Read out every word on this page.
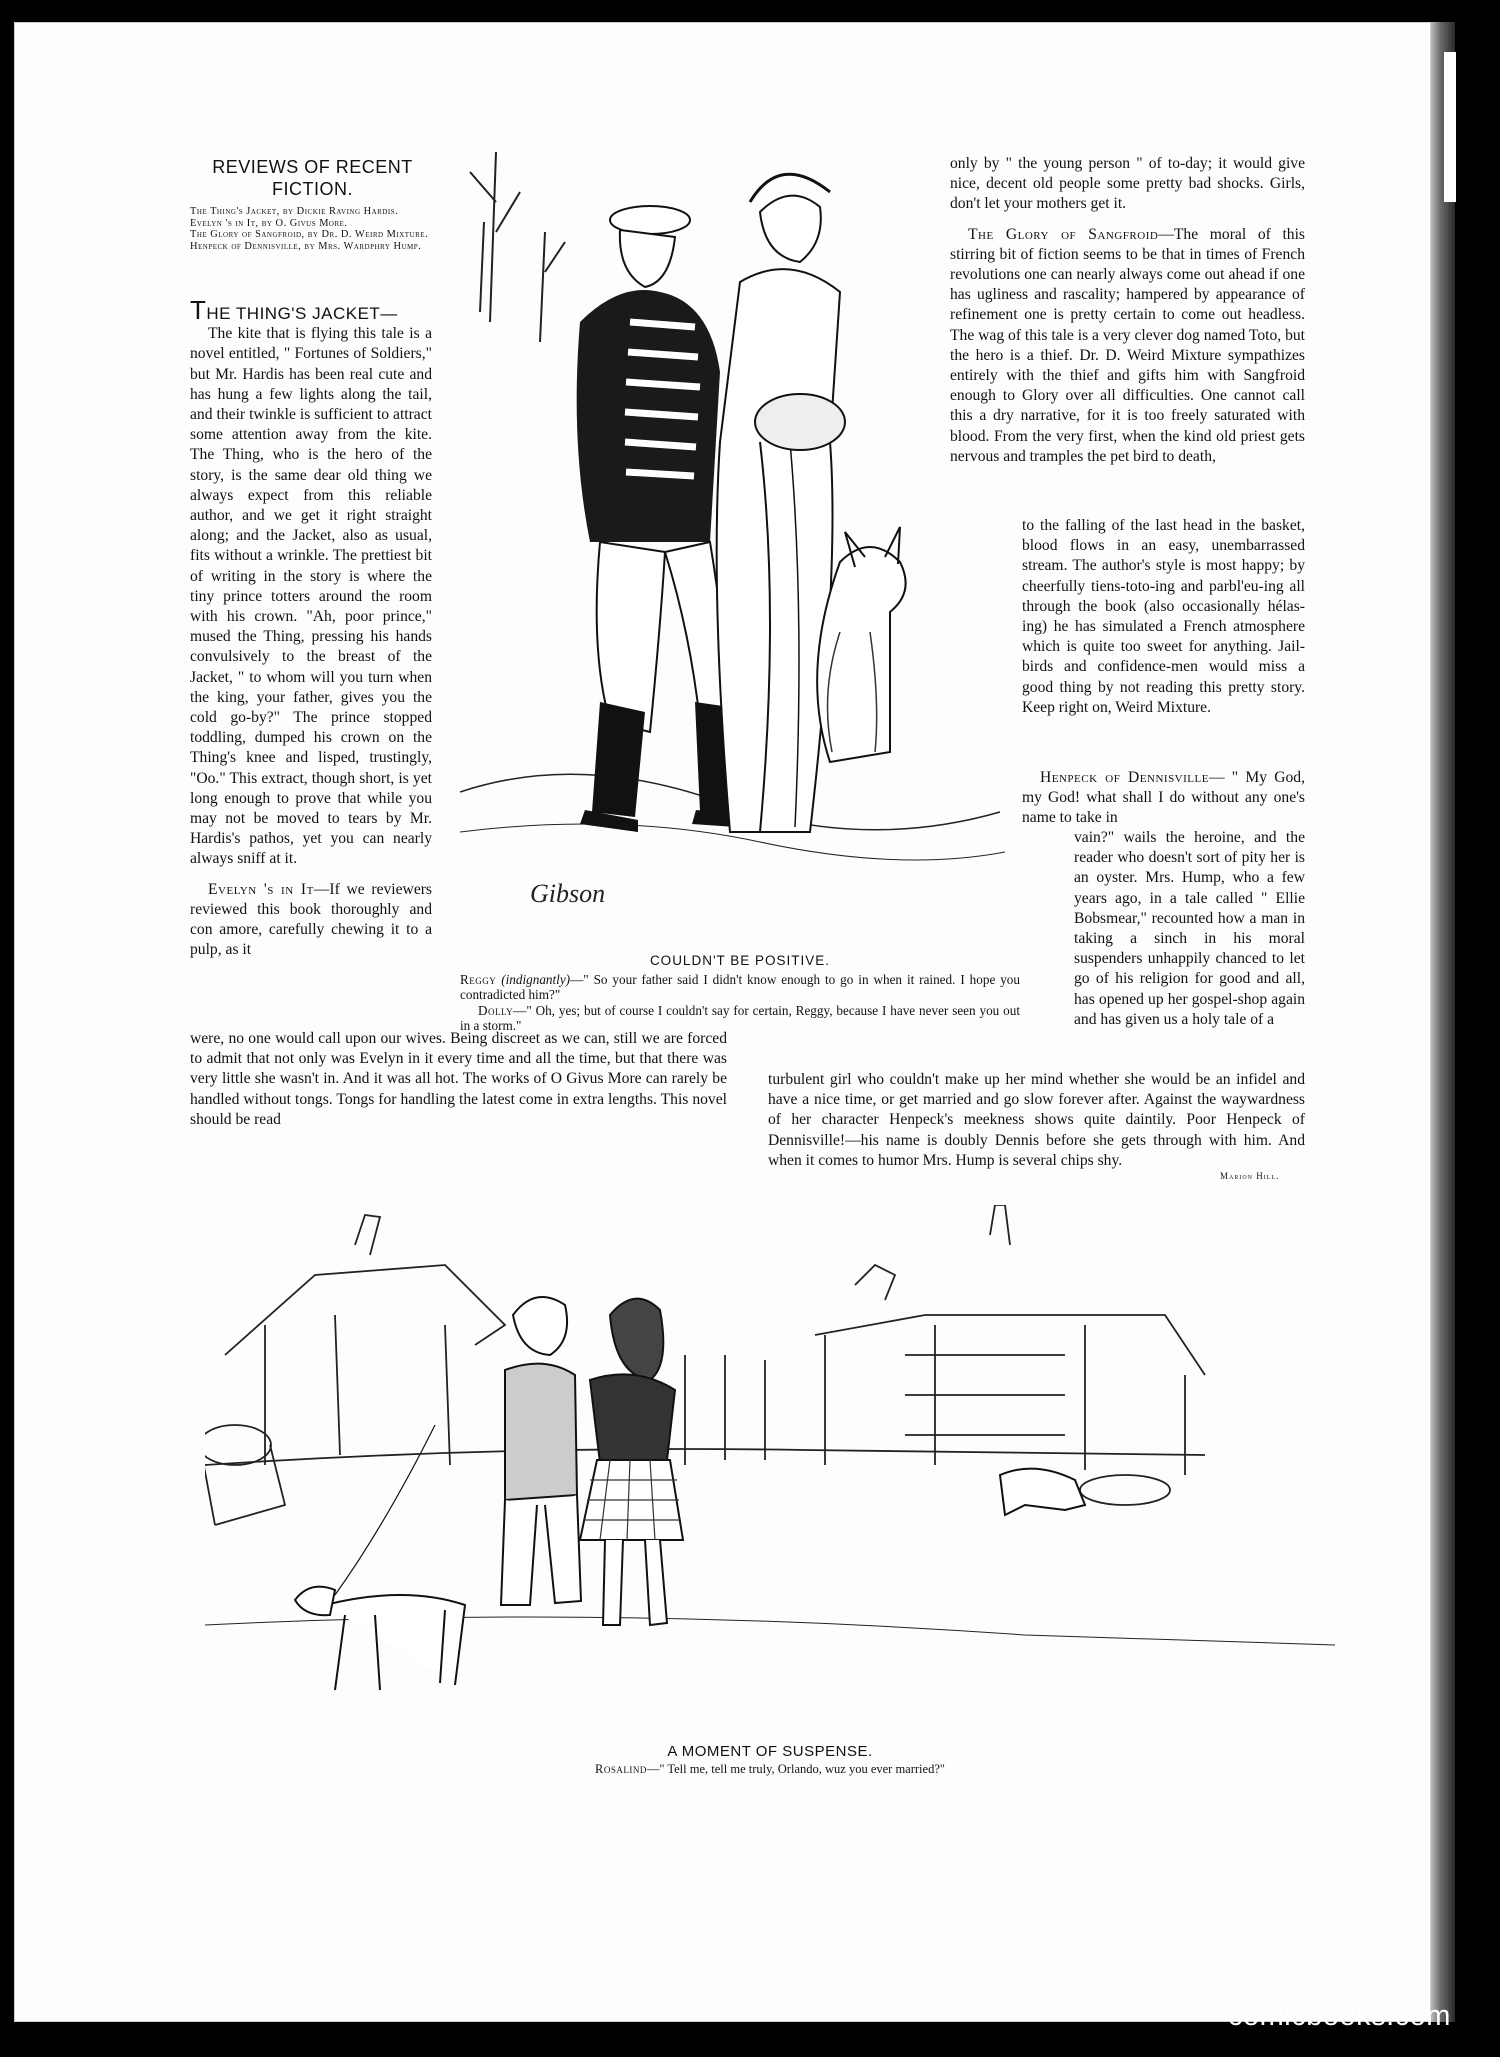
REVIEWS OF RECENT
FICTION.
The Thing's Jacket, by Dickie Raving Hardis.
Evelyn 's in It, by O. Givus More.
The Glory of Sangfroid, by Dr. D. Weird Mixture.
Henpeck of Dennisville, by Mrs. Wardphry Hump.
THE THING'S JACKET—

The kite that is flying this tale is a novel entitled, " Fortunes of Soldiers," but Mr. Hardis has been real cute and has hung a few lights along the tail, and their twinkle is sufficient to attract some attention away from the kite. The Thing, who is the hero of the story, is the same dear old thing we always expect from this reliable author, and we get it right straight along; and the Jacket, also as usual, fits without a wrinkle. The prettiest bit of writing in the story is where the tiny prince totters around the room with his crown. "Ah, poor prince," mused the Thing, pressing his hands convulsively to the breast of the Jacket, " to whom will you turn when the king, your father, gives you the cold go-by?" The prince stopped toddling, dumped his crown on the Thing's knee and lisped, trustingly, "Oo." This extract, though short, is yet long enough to prove that while you may not be moved to tears by Mr. Hardis's pathos, yet you can nearly always sniff at it.

Evelyn 's in It—If we reviewers reviewed this book thoroughly and con amore, carefully chewing it to a pulp, as it

were, no one would call upon our wives. Being discreet as we can, still we are forced to admit that not only was Evelyn in it every time and all the time, but that there was very little she wasn't in. And it was all hot. The works of O Givus More can rarely be handled without tongs. Tongs for handling the latest come in extra lengths. This novel should be read

only by " the young person " of to-day; it would give nice, decent old people some pretty bad shocks. Girls, don't let your mothers get it.

The Glory of Sangfroid—The moral of this stirring bit of fiction seems to be that in times of French revolutions one can nearly always come out ahead if one has ugliness and rascality; hampered by appearance of refinement one is pretty certain to come out headless. The wag of this tale is a very clever dog named Toto, but the hero is a thief. Dr. D. Weird Mixture sympathizes entirely with the thief and gifts him with Sangfroid enough to Glory over all difficulties. One cannot call this a dry narrative, for it is too freely saturated with blood. From the very first, when the kind old priest gets nervous and tramples the pet bird to death,

to the falling of the last head in the basket, blood flows in an easy, unembarrassed stream. The author's style is most happy; by cheerfully tiens-toto-ing and parbl'eu-ing all through the book (also occasionally hélas-ing) he has simulated a French atmosphere which is quite too sweet for anything. Jail-birds and confidence-men would miss a good thing by not reading this pretty story. Keep right on, Weird Mixture.

Henpeck of Dennisville— " My God, my God! what shall I do without any one's name to take in

vain?" wails the heroine, and the reader who doesn't sort of pity her is an oyster. Mrs. Hump, who a few years ago, in a tale called " Ellie Bobsmear," recounted how a man in taking a sinch in his moral suspenders unhappily chanced to let go of his religion for good and all, has opened up her gospel-shop again and has given us a holy tale of a
turbulent girl who couldn't make up her mind whether she would be an infidel and have a nice time, or get married and go slow forever after. Against the waywardness of her character Henpeck's meekness shows quite daintily. Poor Henpeck of Dennisville!—his name is doubly Dennis before she gets through with him. And when it comes to humor Mrs. Hump is several chips shy.
Marion Hill.
Gibson
COULDN'T BE POSITIVE.

Reggy (indignantly)—" So your father said I didn't know enough to go in when it rained. I hope you contradicted him?"

Dolly—" Oh, yes; but of course I couldn't say for certain, Reggy, because I have never seen you out in a storm."

A MOMENT OF SUSPENSE.
Rosalind—" Tell me, tell me truly, Orlando, wuz you ever married?"
comicbooks.com
